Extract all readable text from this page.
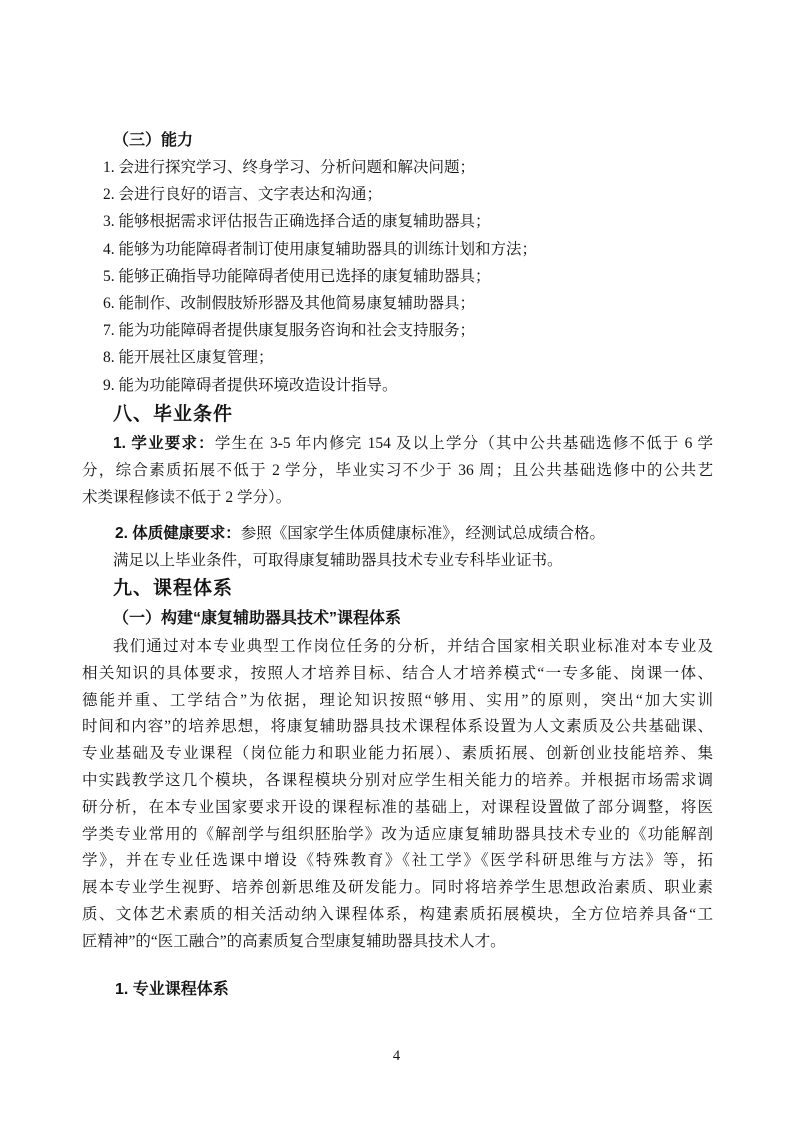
（三）能力
1. 会进行探究学习、终身学习、分析问题和解决问题；
2. 会进行良好的语言、文字表达和沟通；
3. 能够根据需求评估报告正确选择合适的康复辅助器具；
4. 能够为功能障碍者制订使用康复辅助器具的训练计划和方法；
5. 能够正确指导功能障碍者使用已选择的康复辅助器具；
6. 能制作、改制假肢矫形器及其他简易康复辅助器具；
7. 能为功能障碍者提供康复服务咨询和社会支持服务；
8. 能开展社区康复管理；
9. 能为功能障碍者提供环境改造设计指导。
八、毕业条件
1. 学业要求：学生在 3-5 年内修完 154 及以上学分（其中公共基础选修不低于 6 学
分，综合素质拓展不低于 2 学分，毕业实习不少于 36 周；且公共基础选修中的公共艺
术类课程修读不低于 2 学分）。
2. 体质健康要求：参照《国家学生体质健康标准》，经测试总成绩合格。
满足以上毕业条件，可取得康复辅助器具技术专业专科毕业证书。
九、课程体系
（一）构建“康复辅助器具技术”课程体系
我们通过对本专业典型工作岗位任务的分析，并结合国家相关职业标准对本专业及
相关知识的具体要求，按照人才培养目标、结合人才培养模式“一专多能、岗课一体、
德能并重、工学结合”为依据，理论知识按照“够用、实用”的原则，突出“加大实训
时间和内容”的培养思想，将康复辅助器具技术课程体系设置为人文素质及公共基础课、
专业基础及专业课程（岗位能力和职业能力拓展）、素质拓展、创新创业技能培养、集
中实践教学这几个模块，各课程模块分别对应学生相关能力的培养。并根据市场需求调
研分析，在本专业国家要求开设的课程标准的基础上，对课程设置做了部分调整，将医
学类专业常用的《解剖学与组织胚胎学》改为适应康复辅助器具技术专业的《功能解剖
学》，并在专业任选课中增设《特殊教育》《社工学》《医学科研思维与方法》等，拓
展本专业学生视野、培养创新思维及研发能力。同时将培养学生思想政治素质、职业素
质、文体艺术素质的相关活动纳入课程体系，构建素质拓展模块，全方位培养具备“工
匠精神”的“医工融合”的高素质复合型康复辅助器具技术人才。
1. 专业课程体系
4
